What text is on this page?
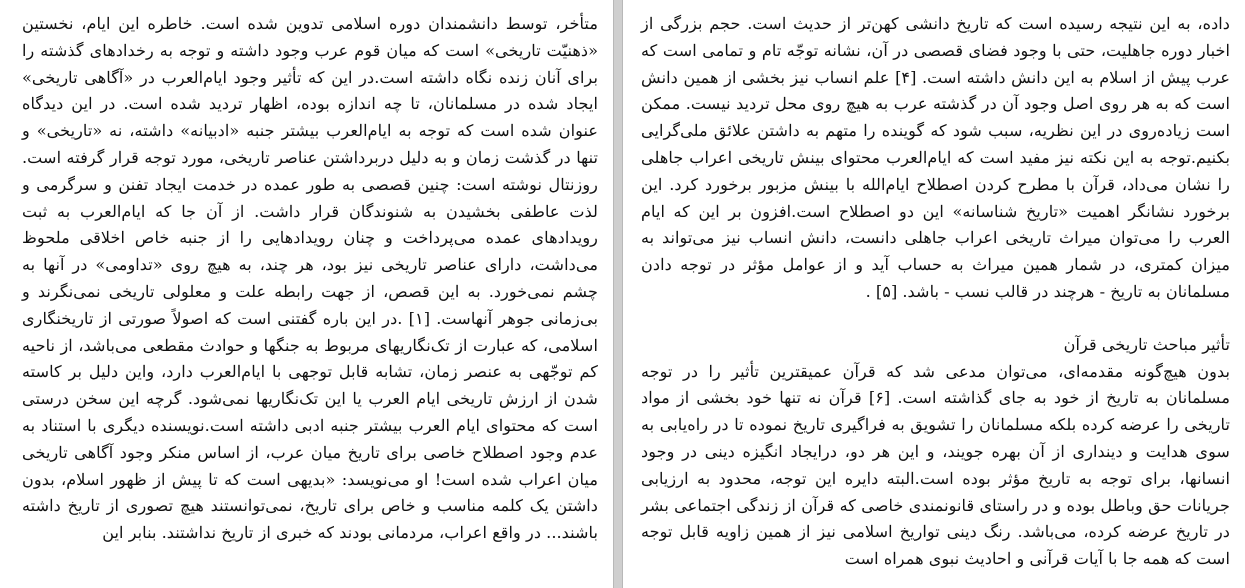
متأخر، توسط دانشمندان دوره اسلامی تدوین شده است. خاطره این ایام، نخستین «ذهنیّت تاریخی» است که میان قوم عرب وجود داشته و توجه به رخدادهای گذشته را برای آنان زنده نگاه داشته است.در این که تأثیر وجود ایام‌العرب در «آگاهی تاریخی» ایجاد شده در مسلمانان، تا چه اندازه بوده، اظهار تردید شده است. در این دیدگاه عنوان شده است که توجه به ایام‌العرب بیشتر جنبه «ادبیانه» داشته، نه «تاریخی» و تنها در گذشت زمان و به دلیل دربرداشتن عناصر تاریخی، مورد توجه قرار گرفته است. روزنتال نوشته است: چنین قصصی به طور عمده در خدمت ایجاد تفنن و سرگرمی و لذت عاطفی بخشیدن به شنوندگان قرار داشت. از آن جا که ایام‌العرب به ثبت رویدادهای عمده می‌پرداخت و چنان رویدادهایی را از جنبه خاص اخلاقی ملحوظ می‌داشت، دارای عناصر تاریخی نیز بود، هر چند، به هیچ روی «تداومی» در آنها به چشم نمی‌خورد. به این قصص، از جهت رابطه علت و معلولی تاریخی نمی‌نگرند و بی‌زمانی جوهر آنهاست. [۱] .در این باره گفتنی است که اصولاً صورتی از تاریخنگاری اسلامی، که عبارت از تک‌نگاریهای مربوط به جنگها و حوادث مقطعی می‌باشد، از ناحیه کم توجّهی به عنصر زمان، تشابه قابل توجهی با ایام‌العرب دارد، واین دلیل بر کاسته شدن از ارزش تاریخی ایام العرب یا این تک‌نگاریها نمی‌شود. گرچه این سخن درستی است که محتوای ایام العرب بیشتر جنبه ادبی داشته است.نویسنده دیگری با استناد به عدم وجود اصطلاح خاصی برای تاریخ میان عرب، از اساس منکر وجود آگاهی تاریخی میان اعراب شده است! او می‌نویسد: «بدیهی است که تا پیش از ظهور اسلام، بدون داشتن یک کلمه مناسب و خاص برای تاریخ، نمی‌توانستند هیچ تصوری از تاریخ داشته باشند... در واقع اعراب، مردمانی بودند که خبری از تاریخ نداشتند. بنابر این

داده، به این نتیجه رسیده است که تاریخ دانشی کهن‌تر از حدیث است. حجم بزرگی از اخبار دوره جاهلیت، حتی با وجود فضای قصصی در آن، نشانه توجّه تام و تمامی است که عرب پیش از اسلام به این دانش داشته است. [۴] علم انساب نیز بخشی از همین دانش است که به هر روی اصل وجود آن در گذشته عرب به هیچ روی محل تردید نیست. ممکن است زیاده‌روی در این نظریه، سبب شود که گوینده را متهم به داشتن علائق ملی‌گرایی بکنیم.توجه به این نکته نیز مفید است که ایام‌العرب محتوای بینش تاریخی اعراب جاهلی را نشان می‌داد، قرآن با مطرح کردن اصطلاح ایام‌الله با بینش مزبور برخورد کرد. این برخورد نشانگر اهمیت «تاریخ شناسانه» این دو اصطلاح است.افزون بر این که ایام العرب را می‌توان میراث تاریخی اعراب جاهلی دانست، دانش انساب نیز می‌تواند به میزان کمتری، در شمار همین میراث به حساب آید و از عوامل مؤثر در توجه دادن مسلمانان به تاریخ - هرچند در قالب نسب - باشد. [۵] .

تأثیر مباحث تاریخی قرآن

بدون هیچ‌گونه مقدمه‌ای، می‌توان مدعی شد که قرآن عمیقترین تأثیر را در توجه مسلمانان به تاریخ از خود به جای گذاشته است. [۶] قرآن نه تنها خود بخشی از مواد تاریخی را عرضه کرده بلکه مسلمانان را تشویق به فراگیری تاریخ نموده تا در راه‌یابی به سوی هدایت و دینداری از آن بهره جویند، و این هر دو، درایجاد انگیزه دینی در وجود انسانها، برای توجه به تاریخ مؤثر بوده است.البته دایره این توجه، محدود به ارزیابی جریانات حق وباطل بوده و در راستای قانونمندی خاصی که قرآن از زندگی اجتماعی بشر در تاریخ عرضه کرده، می‌باشد. رنگ دینی تواریخ اسلامی نیز از همین زاویه قابل توجه است که همه جا با آیات قرآنی و احادیث نبوی همراه است
